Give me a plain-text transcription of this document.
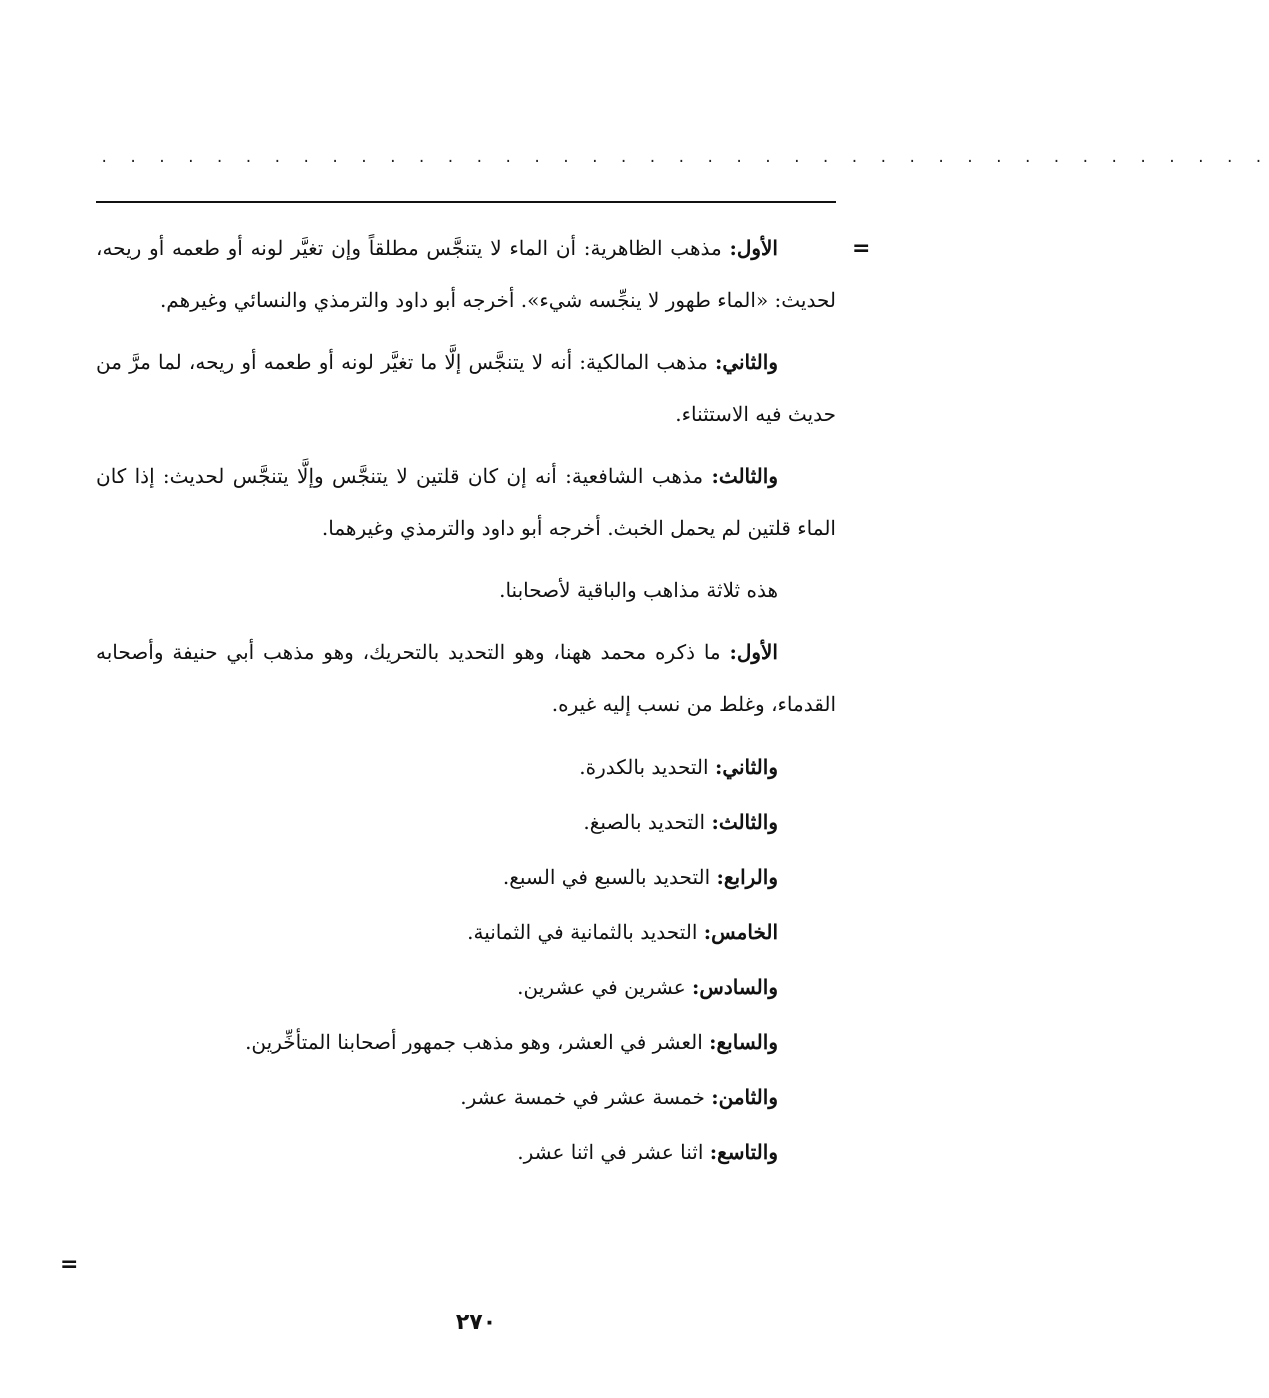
. . . . . . . . . . . . . . . . . . . . . . . . . . . . . . . . . . . . . . . . .
=
=

الأول: مذهب الظاهرية: أن الماء لا يتنجَّس مطلقاً وإن تغيَّر لونه أو طعمه أو ريحه، لحديث: «الماء طهور لا ينجِّسه شيء». أخرجه أبو داود والترمذي والنسائي وغيرهم.

والثاني: مذهب المالكية: أنه لا يتنجَّس إلَّا ما تغيَّر لونه أو طعمه أو ريحه، لما مرَّ من حديث فيه الاستثناء.

والثالث: مذهب الشافعية: أنه إن كان قلتين لا يتنجَّس وإلَّا يتنجَّس لحديث: إذا كان الماء قلتين لم يحمل الخبث. أخرجه أبو داود والترمذي وغيرهما.

هذه ثلاثة مذاهب والباقية لأصحابنا.

الأول: ما ذكره محمد ههنا، وهو التحديد بالتحريك، وهو مذهب أبي حنيفة وأصحابه القدماء، وغلط من نسب إليه غيره.

والثاني: التحديد بالكدرة.
والثالث: التحديد بالصبغ.
والرابع: التحديد بالسبع في السبع.
الخامس: التحديد بالثمانية في الثمانية.
والسادس: عشرين في عشرين.
والسابع: العشر في العشر، وهو مذهب جمهور أصحابنا المتأخِّرين.
والثامن: خمسة عشر في خمسة عشر.
والتاسع: اثنا عشر في اثنا عشر.
٢٧٠
